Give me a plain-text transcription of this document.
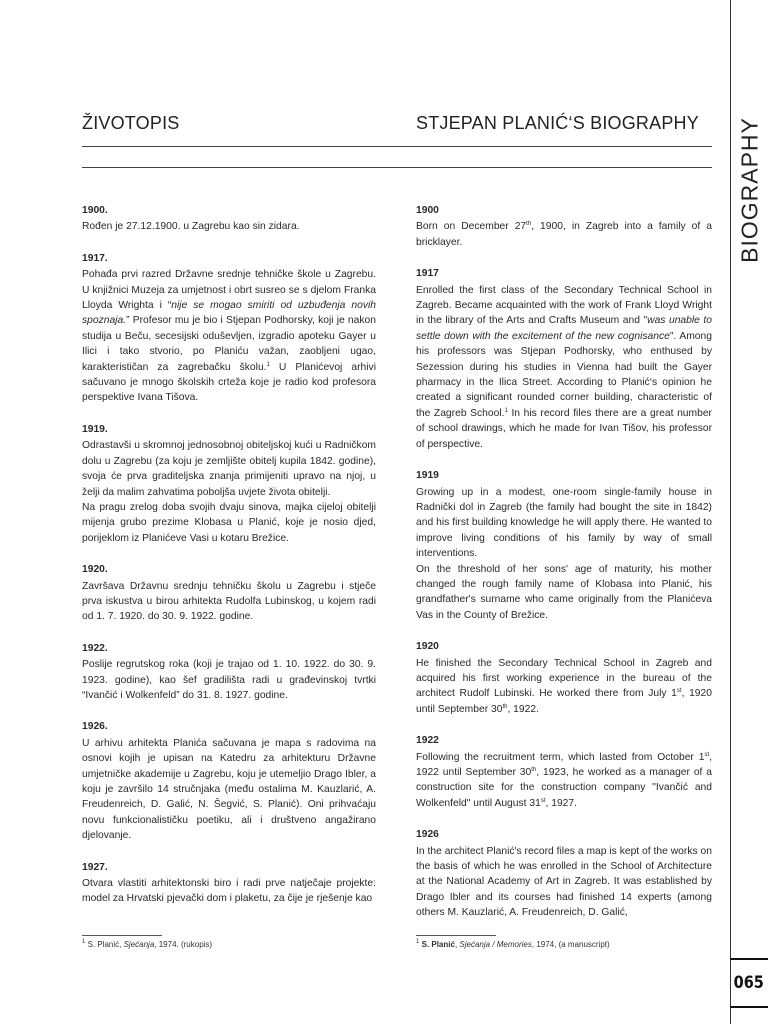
ŽIVOTOPIS	STJEPAN PLANIĆ‘S BIOGRAPHY
1900.

Rođen je 27.12.1900. u Zagrebu kao sin zidara.

1917.

Pohađa prvi razred Državne srednje tehničke škole u Zagrebu. U knjižnici Muzeja za umjetnost i obrt susreo se s djelom Franka Lloyda Wrighta i “nije se mogao smiriti od uzbuđenja novih spoznaja.” Profesor mu je bio i Stjepan Podhorsky, koji je nakon studija u Beču, secesijski oduševljen, izgradio apoteku Gayer u Ilici i tako stvorio, po Planiću važan, zaobljeni ugao, karakterističan za zagrebačku školu.$^1$ U Planićevoj arhivi sačuvano je mnogo školskih crteža koje je radio kod profesora perspektive Ivana Tišova.

1919.

Odrastavši u skromnoj jednosobnoj obiteljskoj kući u Radničkom dolu u Zagrebu (za koju je zemljište obitelj kupila 1842. godine), svoja će prva graditeljska znanja primijeniti upravo na njoj, u želji da malim zahvatima poboljša uvjete života obitelji.
Na pragu zrelog doba svojih dvaju sinova, majka cijeloj obitelji mijenja grubo prezime Klobasa u Planić, koje je nosio djed, porijeklom iz Planićeve Vasi u kotaru Brežice.

1920.

Završava Državnu srednju tehničku školu u Zagrebu i stječe prva iskustva u birou arhitekta Rudolfa Lubinskog, u kojem radi od 1. 7. 1920. do 30. 9. 1922. godine.

1922.

Poslije regrutskog roka (koji je trajao od 1. 10. 1922. do 30. 9. 1923. godine), kao šef gradilišta radi u građevinskoj tvrtki “Ivančić i Wolkenfeld” do 31. 8. 1927. godine.

1926.

U arhivu arhitekta Planića sačuvana je mapa s radovima na osnovi kojih je upisan na Katedru za arhitekturu Državne umjetničke akademije u Zagrebu, koju je utemeljio Drago Ibler, a koju je završilo 14 stručnjaka (među ostalima M. Kauzlarić, A. Freudenreich, D. Galić, N. Šegvić, S. Planić). Oni prihvaćaju novu funkcionalističku poetiku, ali i društveno angažirano djelovanje.

1927.

Otvara vlastiti arhitektonski biro i radi prve natječaje projekte: model za Hrvatski pjevački dom i plaketu, za čije je rješenje kao

1900

Born on December 27th, 1900, in Zagreb into a family of a bricklayer.

1917

Enrolled the first class of the Secondary Technical School in Zagreb. Became acquainted with the work of Frank Lloyd Wright in the library of the Arts and Crafts Museum and "was unable to settle down with the excitement of the new cognisance". Among his professors was Stjepan Podhorsky, who enthused by Sezession during his studies in Vienna had built the Gayer pharmacy in the Ilica Street. According to Planić‘s opinion he created a significant rounded corner building, characteristic of the Zagreb School.$^1$ In his record files there are a great number of school drawings, which he made for Ivan Tišov, his professor of perspective.

1919

Growing up in a modest, one-room single-family house in Radnički dol in Zagreb (the family had bought the site in 1842) and his first building knowledge he will apply there. He wanted to improve living conditions of his family by way of small interventions.
On the threshold of her sons' age of maturity, his mother changed the rough family name of Klobasa into Planić, his grandfather's surname who came originally from the Planićeva Vas in the County of Brežice.

1920

He finished the Secondary Technical School in Zagreb and acquired his first working experience in the bureau of the architect Rudolf Lubinski. He worked there from July 1st, 1920 until September 30th, 1922.

1922

Following the recruitment term, which lasted from October 1st, 1922 until September 30th, 1923, he worked as a manager of a construction site for the construction company "Ivančić and Wolkenfeld" until August 31st, 1927.

1926

In the architect Planić's record files a map is kept of the works on the basis of which he was enrolled in the School of Architecture at the National Academy of Art in Zagreb. It was established by Drago Ibler and its courses had finished 14 experts (among others M. Kauzlarić, A. Freudenreich, D. Galić,

$^1$ S. Planić, Sjećanja, 1974. (rukopis)	$^1$ S. Planić, Sjećanja / Memories, 1974, (a manuscript)
BIOGRAPHY
065
